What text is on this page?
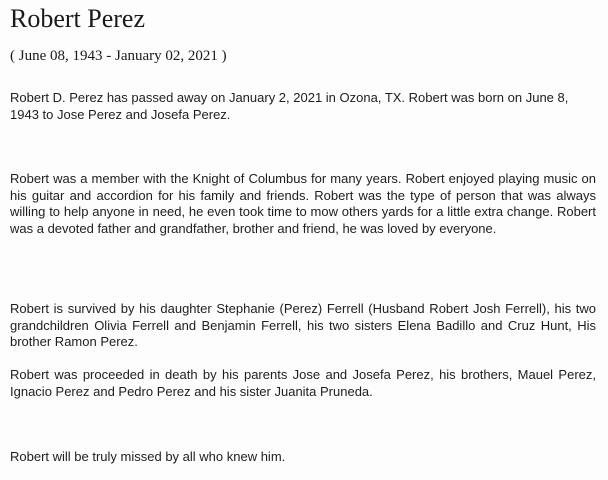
Robert Perez
( June 08, 1943 - January 02, 2021 )

Robert D. Perez has passed away on January 2, 2021 in Ozona, TX. Robert was born on June 8, 1943 to Jose Perez and Josefa Perez.

Robert was a member with the Knight of Columbus for many years. Robert enjoyed playing music on his guitar and accordion for his family and friends. Robert was the type of person that was always willing to help anyone in need, he even took time to mow others yards for a little extra change. Robert was a devoted father and grandfather, brother and friend, he was loved by everyone.

Robert is survived by his daughter Stephanie (Perez) Ferrell (Husband Robert Josh Ferrell), his two grandchildren Olivia Ferrell and Benjamin Ferrell, his two sisters Elena Badillo and Cruz Hunt, His brother Ramon Perez.

Robert was proceeded in death by his parents Jose and Josefa Perez, his brothers, Mauel Perez, Ignacio Perez and Pedro Perez and his sister Juanita Pruneda.

Robert will be truly missed by all who knew him.
